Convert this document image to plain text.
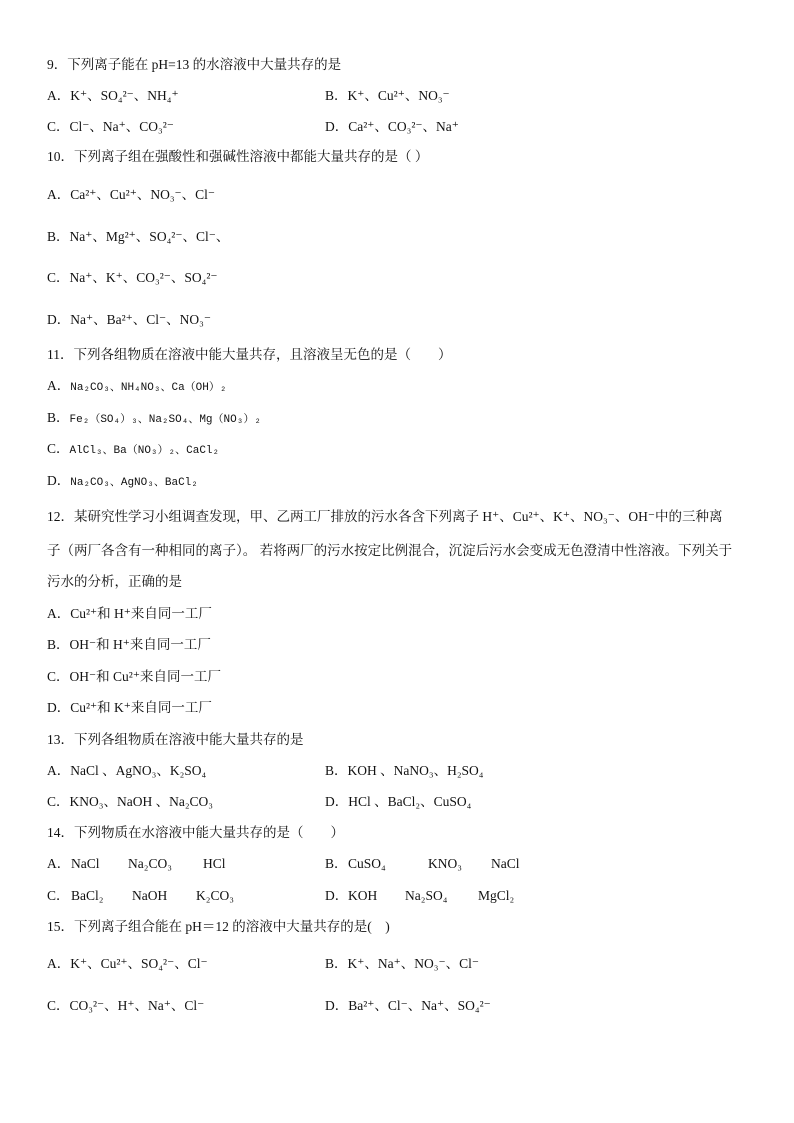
9．下列离子能在 pH=13 的水溶液中大量共存的是
A．K⁺、SO₄²⁻、NH₄⁺	B．K⁺、Cu²⁺、NO₃⁻
C．Cl⁻、Na⁺、CO₃²⁻	D．Ca²⁺、CO₃²⁻、Na⁺
10．下列离子组在强酸性和强碱性溶液中都能大量共存的是（ ）
A．Ca²⁺、Cu²⁺、NO₃⁻、Cl⁻
B．Na⁺、Mg²⁺、SO₄²⁻、Cl⁻、
C．Na⁺、K⁺、CO₃²⁻、SO₄²⁻
D．Na⁺、Ba²⁺、Cl⁻、NO₃⁻
11．下列各组物质在溶液中能大量共存，且溶液呈无色的是（　　）
A．Na₂CO₃、NH₄NO₃、Ca（OH）₂
B．Fe₂（SO₄）₃、Na₂SO₄、Mg（NO₃）₂
C．AlCl₃、Ba（NO₃）₂、CaCl₂
D．Na₂CO₃、AgNO₃、BaCl₂
12．某研究性学习小组调查发现，甲、乙两工厂排放的污水各含下列离子 H⁺、Cu²⁺、K⁺、NO₃⁻、OH⁻中的三种离
子（两厂各含有一种相同的离子）。 若将两厂的污水按定比例混合，沉淀后污水会变成无色澄清中性溶液。下列关于
污水的分析，正确的是
A．Cu²⁺和 H⁺来自同一工厂
B．OH⁻和 H⁺来自同一工厂
C．OH⁻和 Cu²⁺来自同一工厂
D．Cu²⁺和 K⁺来自同一工厂
13．下列各组物质在溶液中能大量共存的是
A．NaCl 、AgNO₃、K₂SO₄	B．KOH 、NaNO₃、H₂SO₄
C．KNO₃、NaOH 、Na₂CO₃	D．HCl 、BaCl₂、CuSO₄
14．下列物质在水溶液中能大量共存的是（　　）
A． NaCl Na₂CO₃ HCl	B． CuSO₄	KNO₃ NaCl
C． BaCl₂ NaOH K₂CO₃	D． KOH Na₂SO₄ MgCl₂
15．下列离子组合能在 pH＝12 的溶液中大量共存的是(　)
A．K⁺、Cu²⁺、SO₄²⁻、Cl⁻	B．K⁺、Na⁺、NO₃⁻、Cl⁻
C．CO₃²⁻、H⁺、Na⁺、Cl⁻	D．Ba²⁺、Cl⁻、Na⁺、SO₄²⁻
